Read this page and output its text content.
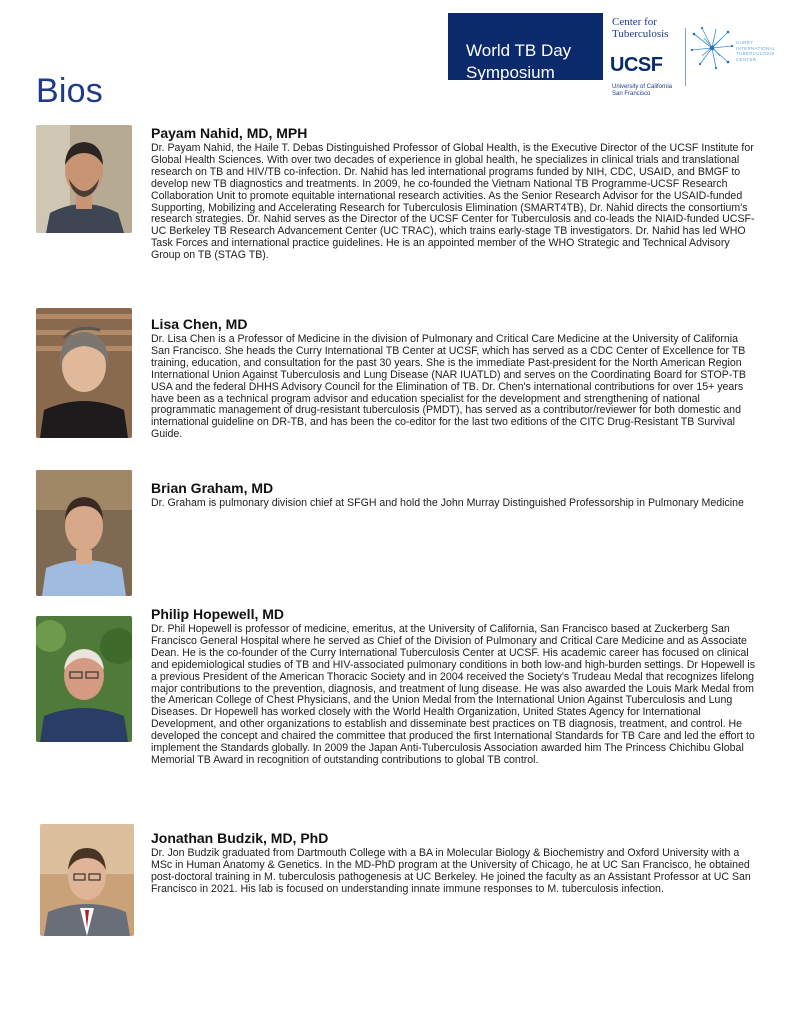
Bios
World TB Day
Symposium
Center for
Tuberculosis
UCSF
University of California
San Francisco
CURRY
INTERNATIONAL
TUBERCULOSIS
CENTER
Payam Nahid, MD, MPH

Dr. Payam Nahid, the Haile T. Debas Distinguished Professor of Global Health, is the Executive Director of the UCSF Institute for Global Health Sciences. With over two decades of experience in global health, he specializes in clinical trials and translational research on TB and HIV/TB co-infection. Dr. Nahid has led international programs funded by NIH, CDC, USAID, and BMGF to develop new TB diagnostics and treatments. In 2009, he co-founded the Vietnam National TB Programme-UCSF Research Collaboration Unit to promote equitable international research activities. As the Senior Research Advisor for the USAID-funded Supporting, Mobilizing and Accelerating Research for Tuberculosis Elimination (SMART4TB), Dr. Nahid directs the consortium's research strategies. Dr. Nahid serves as the Director of the UCSF Center for Tuberculosis and co-leads the NIAID-funded UCSF-UC Berkeley TB Research Advancement Center (UC TRAC), which trains early-stage TB investigators. Dr. Nahid has led WHO Task Forces and international practice guidelines. He is an appointed member of the WHO Strategic and Technical Advisory Group on TB (STAG TB).

Lisa Chen, MD

Dr. Lisa Chen is a Professor of Medicine in the division of Pulmonary and Critical Care Medicine at the University of California San Francisco. She heads the Curry International TB Center at UCSF, which has served as a CDC Center of Excellence for TB training, education, and consultation for the past 30 years. She is the immediate Past-president for the North American Region International Union Against Tuberculosis and Lung Disease (NAR IUATLD) and serves on the Coordinating Board for STOP-TB USA and the federal DHHS Advisory Council for the Elimination of TB. Dr. Chen's international contributions for over 15+ years have been as a technical program advisor and education specialist for the development and strengthening of national programmatic management of drug-resistant tuberculosis (PMDT), has served as a contributor/reviewer for both domestic and international guideline on DR-TB, and has been the co-editor for the last two editions of the CITC Drug-Resistant TB Survival Guide.

Brian Graham, MD

Dr. Graham is pulmonary division chief at SFGH and hold the John Murray Distinguished Professorship in Pulmonary Medicine

Philip Hopewell, MD

Dr. Phil Hopewell is professor of medicine, emeritus, at the University of California, San Francisco based at Zuckerberg San Francisco General Hospital where he served as Chief of the Division of Pulmonary and Critical Care Medicine and as Associate Dean. He is the co-founder of the Curry International Tuberculosis Center at UCSF. His academic career has focused on clinical and epidemiological studies of TB and HIV-associated pulmonary conditions in both low-and high-burden settings. Dr Hopewell is a previous President of the American Thoracic Society and in 2004 received the Society's Trudeau Medal that recognizes lifelong major contributions to the prevention, diagnosis, and treatment of lung disease. He was also awarded the Louis Mark Medal from the American College of Chest Physicians, and the Union Medal from the International Union Against Tuberculosis and Lung Diseases. Dr Hopewell has worked closely with the World Health Organization, United States Agency for International Development, and other organizations to establish and disseminate best practices on TB diagnosis, treatment, and control. He developed the concept and chaired the committee that produced the first International Standards for TB Care and led the effort to implement the Standards globally. In 2009 the Japan Anti-Tuberculosis Association awarded him The Princess Chichibu Global Memorial TB Award in recognition of outstanding contributions to global TB control.

Jonathan Budzik, MD, PhD

Dr. Jon Budzik graduated from Dartmouth College with a BA in Molecular Biology & Biochemistry and Oxford University with a MSc in Human Anatomy & Genetics. In the MD-PhD program at the University of Chicago, he at UC San Francisco, he obtained post-doctoral training in M. tuberculosis pathogenesis at UC Berkeley. He joined the faculty as an Assistant Professor at UC San Francisco in 2021. His lab is focused on understanding innate immune responses to M. tuberculosis infection.
